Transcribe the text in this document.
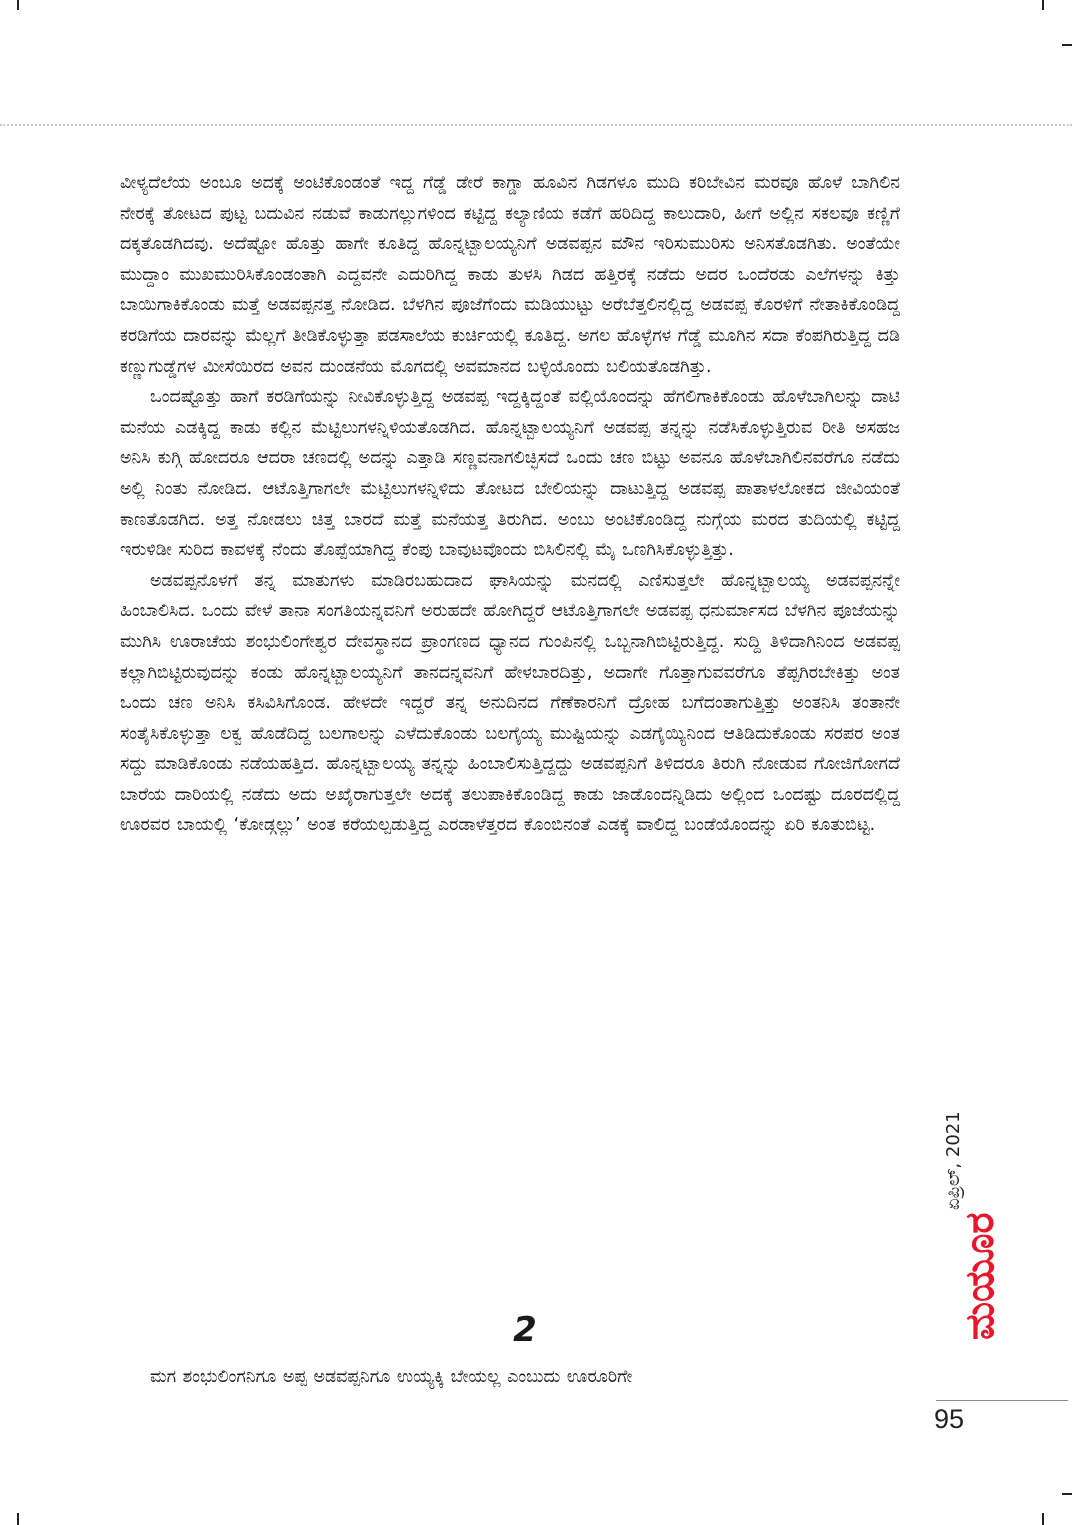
ವೀಳ್ಯದೆಲೆಯ ಅಂಬೂ ಅದಕ್ಕೆ ಅಂಟಿಕೊಂಡಂತೆ ಇದ್ದ ಗೆಡ್ಡೆ ಡೇರೆ ಕಾಗ್ಡಾ ಹೂವಿನ ಗಿಡಗಳೂ ಮುದಿ ಕರಿಬೇವಿನ ಮರವೂ ಹೊಳೆ ಬಾಗಿಲಿನ ನೇರಕ್ಕೆ ತೋಟದ ಪುಟ್ಟ ಬದುವಿನ ನಡುವೆ ಕಾಡುಗಲ್ಲುಗಳಿಂದ ಕಟ್ಟಿದ್ದ ಕಲ್ಯಾಣಿಯ ಕಡೆಗೆ ಹರಿದಿದ್ದ ಕಾಲುದಾರಿ, ಹೀಗೆ ಅಲ್ಲಿನ ಸಕಲವೂ ಕಣ್ಣಿಗೆ ದಕ್ಕತೊಡಗಿದವು. ಅದೆಷ್ಟೋ ಹೊತ್ತು ಹಾಗೇ ಕೂತಿದ್ದ ಹೊನ್ನಟ್ಬಾಲಯ್ಯನಿಗೆ ಅಡವಪ್ಪನ ಮೌನ ಇರಿಸುಮುರಿಸು ಅನಿಸತೊಡಗಿತು. ಅಂತೆಯೇ ಮುದ್ದಾಂ ಮುಖಮುರಿಸಿಕೊಂಡಂತಾಗಿ ಎದ್ದವನೇ ಎದುರಿಗಿದ್ದ ಕಾಡು ತುಳಸಿ ಗಿಡದ ಹತ್ತಿರಕ್ಕೆ ನಡೆದು ಅದರ ಒಂದೆರಡು ಎಲೆಗಳನ್ನು ಕಿತ್ತು ಬಾಯಿಗಾಕಿಕೊಂಡು ಮತ್ತೆ ಅಡವಪ್ಪನತ್ತ ನೋಡಿದ. ಬೆಳಗಿನ ಪೂಜೆಗೆಂದು ಮಡಿಯುಟ್ಟು ಅರೆಬೆತ್ತಲಿನಲ್ಲಿದ್ದ ಅಡವಪ್ಪ ಕೊರಳಿಗೆ ನೇತಾಕಿಕೊಂಡಿದ್ದ ಕರಡಿಗೆಯ ದಾರವನ್ನು ಮೆಲ್ಲಗೆ ತೀಡಿಕೊಳ್ಳುತ್ತಾ ಪಡಸಾಲೆಯ ಕುರ್ಚಿಯಲ್ಲಿ ಕೂತಿದ್ದ. ಅಗಲ ಹೊಳ್ಳೆಗಳ ಗೆಡ್ಡೆ ಮೂಗಿನ ಸದಾ ಕೆಂಪಗಿರುತ್ತಿದ್ದ ದಡಿ ಕಣ್ಣುಗುಡ್ಡೆಗಳ ಮೀಸೆಯಿರದ ಅವನ ದುಂಡನೆಯ ಮೊಗದಲ್ಲಿ ಅವಮಾನದ ಬಳ್ಳಿಯೊಂದು ಬಲಿಯತೊಡಗಿತ್ತು.

ಒಂದಷ್ಟೊತ್ತು ಹಾಗೆ ಕರಡಿಗೆಯನ್ನು ನೀವಿಕೊಳ್ಳುತ್ತಿದ್ದ ಅಡವಪ್ಪ ಇದ್ದಕ್ಕಿದ್ದಂತೆ ವಲ್ಲಿಯೊಂದನ್ನು ಹೆಗಲಿಗಾಕಿಕೊಂಡು ಹೊಳೆಬಾಗಿಲನ್ನು ದಾಟಿ ಮನೆಯ ಎಡಕ್ಕಿದ್ದ ಕಾಡು ಕಲ್ಲಿನ ಮೆಟ್ಟಿಲುಗಳನ್ನಿಳಿಯತೊಡಗಿದ. ಹೊನ್ನಟ್ಬಾಲಯ್ಯನಿಗೆ ಅಡವಪ್ಪ ತನ್ನನ್ನು ನಡೆಸಿಕೊಳ್ಳುತ್ತಿರುವ ರೀತಿ ಅಸಹಜ ಅನಿಸಿ ಕುಗ್ಗಿ ಹೋದರೂ ಆದರಾ ಚಣದಲ್ಲಿ ಅದನ್ನು ಎತ್ತಾಡಿ ಸಣ್ಣವನಾಗಲಿಚ್ಛಿಸದೆ ಒಂದು ಚಣ ಬಿಟ್ಟು ಅವನೂ ಹೊಳೆಬಾಗಿಲಿನವರೆಗೂ ನಡೆದು ಅಲ್ಲಿ ನಿಂತು ನೋಡಿದ. ಆಟೊತ್ತಿಗಾಗಲೇ ಮೆಟ್ಟಿಲುಗಳನ್ನಿಳಿದು ತೋಟದ ಬೇಲಿಯನ್ನು ದಾಟುತ್ತಿದ್ದ ಅಡವಪ್ಪ ಪಾತಾಳಲೋಕದ ಜೀವಿಯಂತೆ ಕಾಣತೊಡಗಿದ. ಅತ್ತ ನೋಡಲು ಚಿತ್ತ ಬಾರದೆ ಮತ್ತೆ ಮನೆಯತ್ತ ತಿರುಗಿದ. ಅಂಬು ಅಂಟಿಕೊಂಡಿದ್ದ ನುಗ್ಗೆಯ ಮರದ ತುದಿಯಲ್ಲಿ ಕಟ್ಟಿದ್ದ ಇರುಳಿಡೀ ಸುರಿದ ಕಾವಳಕ್ಕೆ ನೆಂದು ತೊಪ್ಪೆಯಾಗಿದ್ದ ಕೆಂಪು ಬಾವುಟವೊಂದು ಬಿಸಿಲಿನಲ್ಲಿ ಮೈ ಒಣಗಿಸಿಕೊಳ್ಳುತ್ತಿತ್ತು.

ಅಡವಪ್ಪನೊಳಗೆ ತನ್ನ ಮಾತುಗಳು ಮಾಡಿರಬಹುದಾದ ಘಾಸಿಯನ್ನು ಮನದಲ್ಲಿ ಎಣಿಸುತ್ತಲೇ ಹೊನ್ನಟ್ಬಾಲಯ್ಯ ಅಡವಪ್ಪನನ್ನೇ ಹಿಂಬಾಲಿಸಿದ. ಒಂದು ವೇಳೆ ತಾನಾ ಸಂಗತಿಯನ್ನವನಿಗೆ ಅರುಹದೇ ಹೋಗಿದ್ದರೆ ಆಟೊತ್ತಿಗಾಗಲೇ ಅಡವಪ್ಪ ಧನುರ್ಮಾಸದ ಬೆಳಗಿನ ಪೂಜೆಯನ್ನು ಮುಗಿಸಿ ಊರಾಚೆಯ ಶಂಭುಲಿಂಗೇಶ್ವರ ದೇವಸ್ಥಾನದ ಪ್ರಾಂಗಣದ ಧ್ಯಾನದ ಗುಂಪಿನಲ್ಲಿ ಒಬ್ಬನಾಗಿಬಿಟ್ಟಿರುತ್ತಿದ್ದ. ಸುದ್ದಿ ತಿಳಿದಾಗಿನಿಂದ ಅಡವಪ್ಪ ಕಲ್ಲಾಗಿಬಿಟ್ಟಿರುವುದನ್ನು ಕಂಡು ಹೊನ್ನಟ್ಬಾಲಯ್ಯನಿಗೆ ತಾನದನ್ನವನಿಗೆ ಹೇಳಬಾರದಿತ್ತು, ಅದಾಗೇ ಗೊತ್ತಾಗುವವರೆಗೂ ತೆಪ್ಪಗಿರಬೇಕಿತ್ತು ಅಂತ ಒಂದು ಚಣ ಅನಿಸಿ ಕಸಿವಿಸಿಗೊಂಡ. ಹೇಳದೇ ಇದ್ದರೆ ತನ್ನ ಅನುದಿನದ ಗೆಣೆಕಾರನಿಗೆ ದ್ರೋಹ ಬಗೆದಂತಾಗುತ್ತಿತ್ತು ಅಂತನಿಸಿ ತಂತಾನೇ ಸಂತೈಸಿಕೊಳ್ಳುತ್ತಾ ಲಕ್ವ ಹೊಡೆದಿದ್ದ ಬಲಗಾಲನ್ನು ಎಳೆದುಕೊಂಡು ಬಲಗೈಯ್ಯ ಮುಷ್ಟಿಯನ್ನು ಎಡಗೈಯ್ಯಿನಿಂದ ಆತಿಡಿದುಕೊಂಡು ಸರಪರ ಅಂತ ಸದ್ದು ಮಾಡಿಕೊಂಡು ನಡೆಯಹತ್ತಿದ. ಹೊನ್ನಟ್ಬಾಲಯ್ಯ ತನ್ನನ್ನು ಹಿಂಬಾಲಿಸುತ್ತಿದ್ದದ್ದು ಅಡವಪ್ಪನಿಗೆ ತಿಳಿದರೂ ತಿರುಗಿ ನೋಡುವ ಗೋಜಿಗೋಗದೆ ಬಾರೆಯ ದಾರಿಯಲ್ಲಿ ನಡೆದು ಅದು ಅಖೈರಾಗುತ್ತಲೇ ಅದಕ್ಕೆ ತಲುಪಾಕಿಕೊಂಡಿದ್ದ ಕಾಡು ಜಾಡೊಂದನ್ನಿಡಿದು ಅಲ್ಲಿಂದ ಒಂದಷ್ಟು ದೂರದಲ್ಲಿದ್ದ ಊರವರ ಬಾಯಲ್ಲಿ ‘ಕೋಡ್ಗಲ್ಲು’ ಅಂತ ಕರೆಯಲ್ಪಡುತ್ತಿದ್ದ ಎರಡಾಳೆತ್ತರದ ಕೊಂಬಿನಂತೆ ಎಡಕ್ಕೆ ವಾಲಿದ್ದ ಬಂಡೆಯೊಂದನ್ನು ಏರಿ ಕೂತುಬಿಟ್ಟ.

2

ಮಗ ಶಂಭುಲಿಂಗನಿಗೂ ಅಪ್ಪ ಅಡವಪ್ಪನಿಗೂ ಉಯ್ಯಕ್ಕಿ ಬೇಯಲ್ಲ ಎಂಬುದು ಊರೂರಿಗೇ

ಏಪ್ರಿಲ್, 2021
ಮಯೂರ
95
